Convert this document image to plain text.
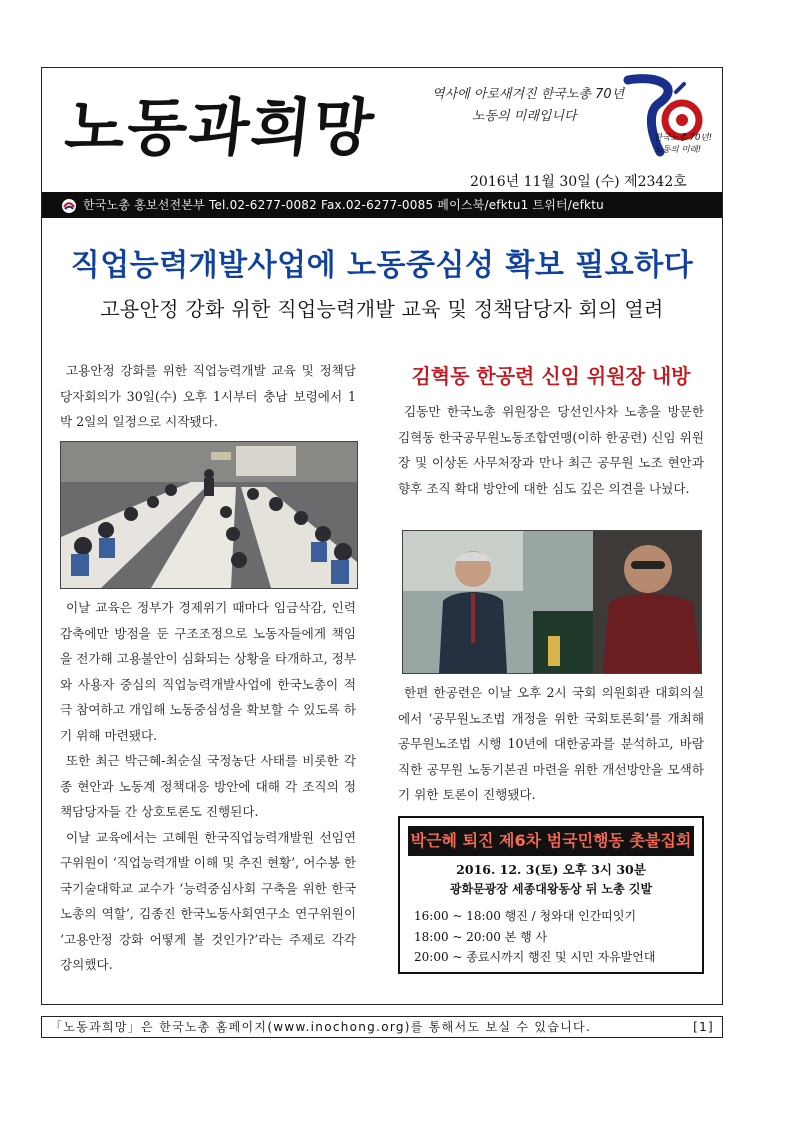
노동과희망	역사에 아로새겨진 한국노총 70년
노동의 미래입니다
한국노총 70년!
노동의 미래!
2016년 11월 30일 (수) 제2342호
한국노총 홍보선전본부 Tel.02-6277-0082 Fax.02-6277-0085 페이스북/efktu1 트위터/efktu
직업능력개발사업에 노동중심성 확보 필요하다
고용안정 강화 위한 직업능력개발 교육 및 정책담당자 회의 열려

고용안정 강화를 위한 직업능력개발 교육 및 정책담당자회의가 30일(수) 오후 1시부터 충남 보령에서 1박 2일의 일정으로 시작됐다.

이날 교육은 정부가 경제위기 때마다 임금삭감, 인력감축에만 방점을 둔 구조조정으로 노동자들에게 책임을 전가해 고용불안이 심화되는 상황을 타개하고, 정부와 사용자 중심의 직업능력개발사업에 한국노총이 적극 참여하고 개입해 노동중심성을 확보할 수 있도록 하기 위해 마련됐다.

또한 최근 박근혜-최순실 국정농단 사태를 비롯한 각종 현안과 노동계 정책대응 방안에 대해 각 조직의 정책담당자들 간 상호토론도 진행된다.

이날 교육에서는 고혜원 한국직업능력개발원 선임연구위원이 ‘직업능력개발 이해 및 추진 현황’, 어수봉 한국기술대학교 교수가 ‘능력중심사회 구축을 위한 한국노총의 역할’, 김종진 한국노동사회연구소 연구위원이 ‘고용안정 강화 어떻게 볼 것인가?’라는 주제로 각각 강의했다.

김혁동 한공련 신임 위원장 내방

김동만 한국노총 위원장은 당선인사차 노총을 방문한 김혁동 한국공무원노동조합연맹(이하 한공련) 신임 위원장 및 이상돈 사무처장과 만나 최근 공무원 노조 현안과 향후 조직 확대 방안에 대한 심도 깊은 의견을 나눴다.

한편 한공련은 이날 오후 2시 국회 의원회관 대회의실에서 ‘공무원노조법 개정을 위한 국회토론회’를 개최해 공무원노조법 시행 10년에 대한공과를 분석하고, 바람직한 공무원 노동기본권 마련을 위한 개선방안을 모색하기 위한 토론이 진행됐다.

박근혜 퇴진 제6차 범국민행동 촛불집회
2016. 12. 3(토) 오후 3시 30분
광화문광장 세종대왕동상 뒤 노총 깃발
16:00 ~ 18:00 행진 / 청와대 인간띠잇기
18:00 ~ 20:00 본 행 사
20:00 ~ 종료시까지 행진 및 시민 자유발언대
「노동과희망」은 한국노총 홈페이지(www.inochong.org)를 통해서도 보실 수 있습니다.	[1]
